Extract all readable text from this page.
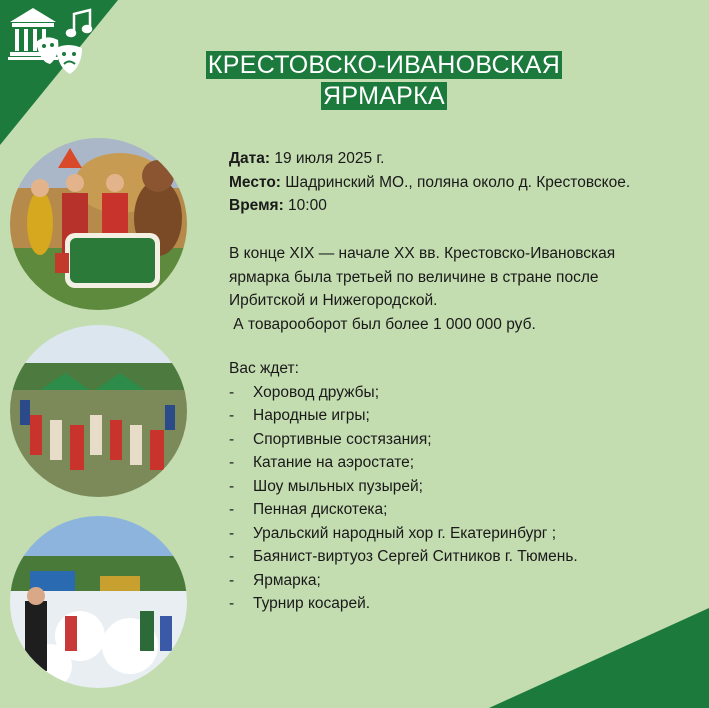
КРЕСТОВСКО-ИВАНОВСКАЯ
ЯРМАРКА
Дата: 19 июля 2025 г.
Место: Шадринский МО., поляна около д. Крестовское.
Время: 10:00

В конце XIX — начале XX вв. Крестовско-Ивановская

ярмарка была третьей по величине в стране после

Ирбитской и Нижегородской.

А товарооборот был более 1 000 000 руб.

Вас ждет:
- Хоровод дружбы;
- Народные игры;
- Спортивные состязания;
- Катание на аэростате;
- Шоу мыльных пузырей;
- Пенная дискотека;
- Уральский народный хор г. Екатеринбург ;
- Баянист-виртуоз Сергей Ситников г. Тюмень.
- Ярмарка;
- Турнир косарей.
